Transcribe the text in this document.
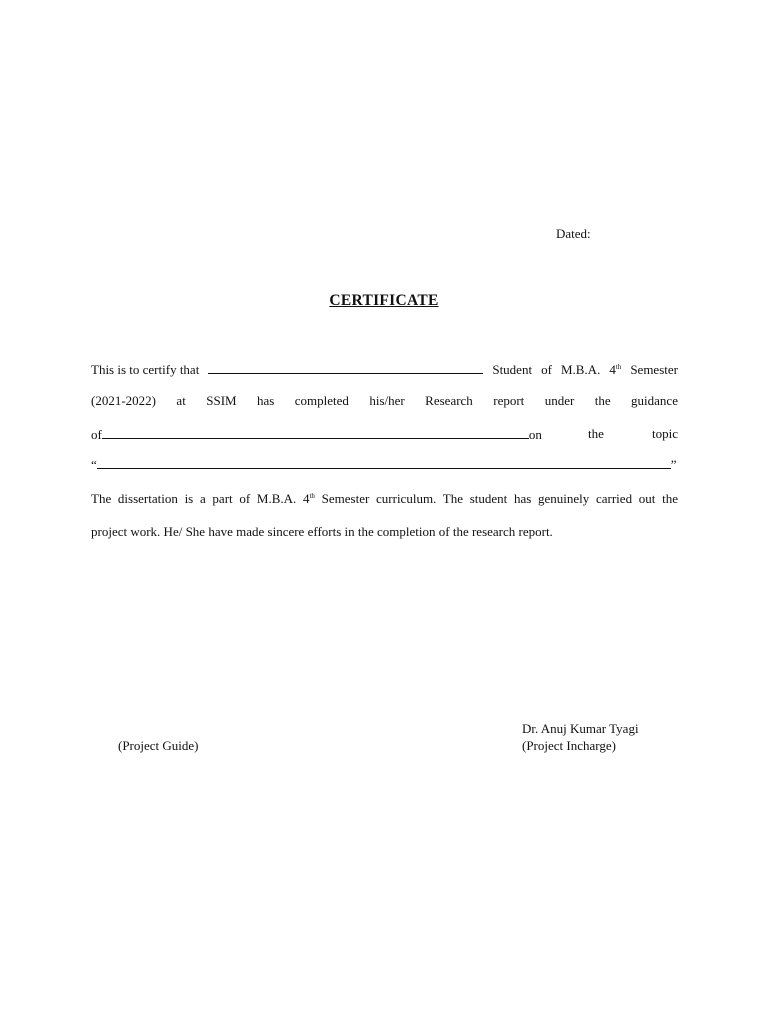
Dated:
CERTIFICATE
This is to certify that	Student of M.B.A. 4th Semester
(2021-2022) at SSIM has completed his/her Research report under the guidance
of	on	the	topic
“	”
The dissertation is a part of M.B.A. 4th Semester curriculum. The student has genuinely carried out the
project work. He/ She have made sincere efforts in the completion of the research report.
(Project Guide)
Dr. Anuj Kumar Tyagi
(Project Incharge)
